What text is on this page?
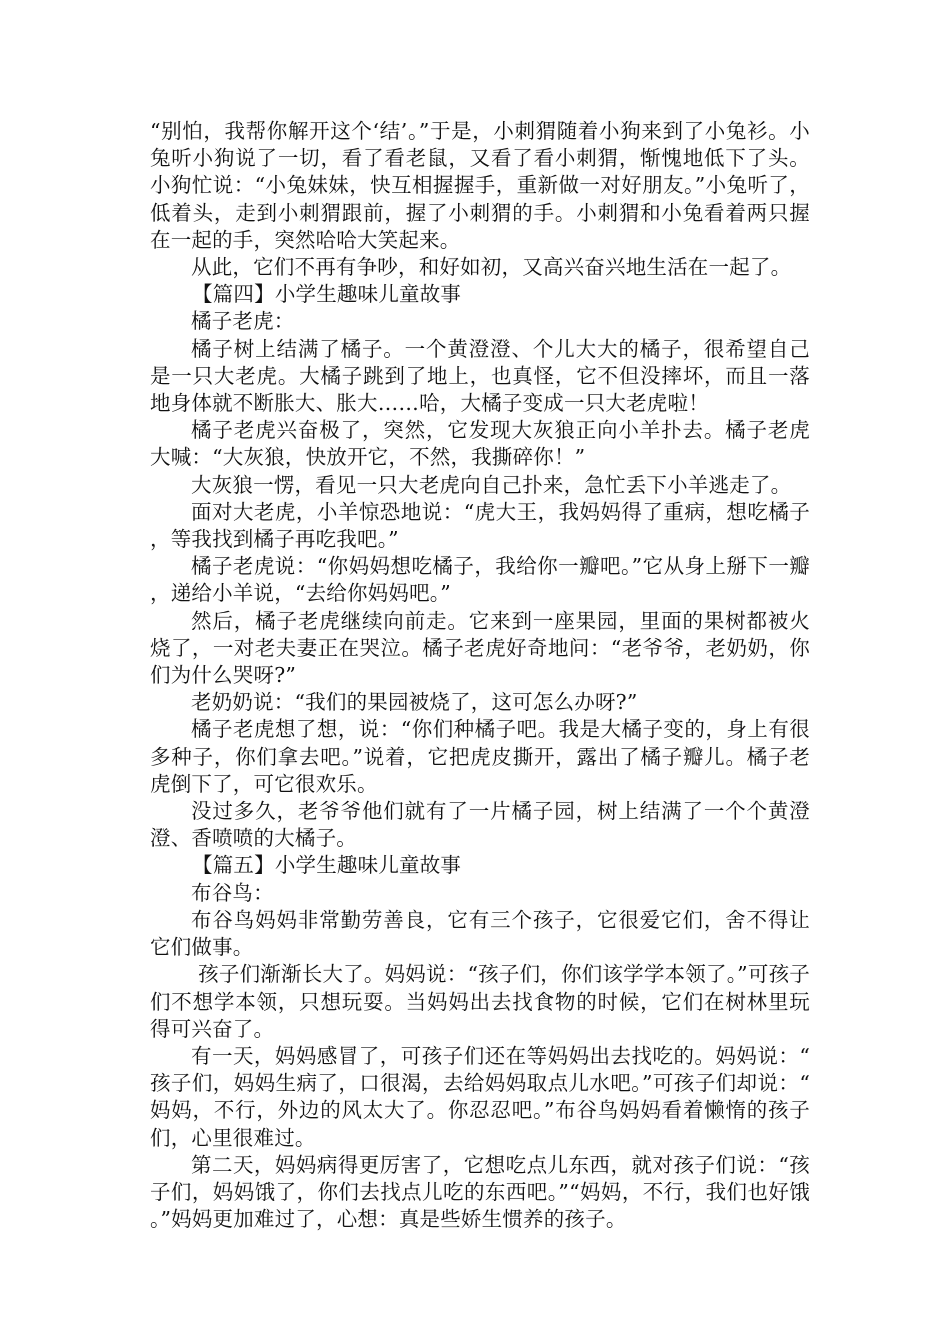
“别怕，我帮你解开这个‘结’。”于是，小刺猬随着小狗来到了小兔衫。小兔听小狗说了一切，看了看老鼠，又看了看小刺猬，惭愧地低下了头。小狗忙说：“小兔妹妹，快互相握握手，重新做一对好朋友。”小兔听了，低着头，走到小刺猬跟前，握了小刺猬的手。小刺猬和小兔看着两只握在一起的手，突然哈哈大笑起来。

从此，它们不再有争吵，和好如初，又高兴奋兴地生活在一起了。

【篇四】小学生趣味儿童故事

橘子老虎：

橘子树上结满了橘子。一个黄澄澄、个儿大大的橘子，很希望自己是一只大老虎。大橘子跳到了地上，也真怪，它不但没摔坏，而且一落地身体就不断胀大、胀大……哈，大橘子变成一只大老虎啦！

橘子老虎兴奋极了，突然，它发现大灰狼正向小羊扑去。橘子老虎大喊：“大灰狼，快放开它，不然，我撕碎你！”

大灰狼一愣，看见一只大老虎向自己扑来，急忙丢下小羊逃走了。

面对大老虎，小羊惊恐地说：“虎大王，我妈妈得了重病，想吃橘子，等我找到橘子再吃我吧。”

橘子老虎说：“你妈妈想吃橘子，我给你一瓣吧。”它从身上掰下一瓣，递给小羊说，“去给你妈妈吧。”

然后，橘子老虎继续向前走。它来到一座果园，里面的果树都被火烧了，一对老夫妻正在哭泣。橘子老虎好奇地问：“老爷爷，老奶奶，你们为什么哭呀?”

老奶奶说：“我们的果园被烧了，这可怎么办呀?”

橘子老虎想了想，说：“你们种橘子吧。我是大橘子变的，身上有很多种子，你们拿去吧。”说着，它把虎皮撕开，露出了橘子瓣儿。橘子老虎倒下了，可它很欢乐。

没过多久，老爷爷他们就有了一片橘子园，树上结满了一个个黄澄澄、香喷喷的大橘子。

【篇五】小学生趣味儿童故事

布谷鸟：

布谷鸟妈妈非常勤劳善良，它有三个孩子，它很爱它们，舍不得让它们做事。

孩子们渐渐长大了。妈妈说：“孩子们，你们该学学本领了。”可孩子们不想学本领，只想玩耍。当妈妈出去找食物的时候，它们在树林里玩得可兴奋了。

有一天，妈妈感冒了，可孩子们还在等妈妈出去找吃的。妈妈说：“孩子们，妈妈生病了，口很渴，去给妈妈取点儿水吧。”可孩子们却说：“妈妈，不行，外边的风太大了。你忍忍吧。”布谷鸟妈妈看着懒惰的孩子们，心里很难过。

第二天，妈妈病得更厉害了，它想吃点儿东西，就对孩子们说：“孩子们，妈妈饿了，你们去找点儿吃的东西吧。”“妈妈，不行，我们也好饿。”妈妈更加难过了，心想：真是些娇生惯养的孩子。
